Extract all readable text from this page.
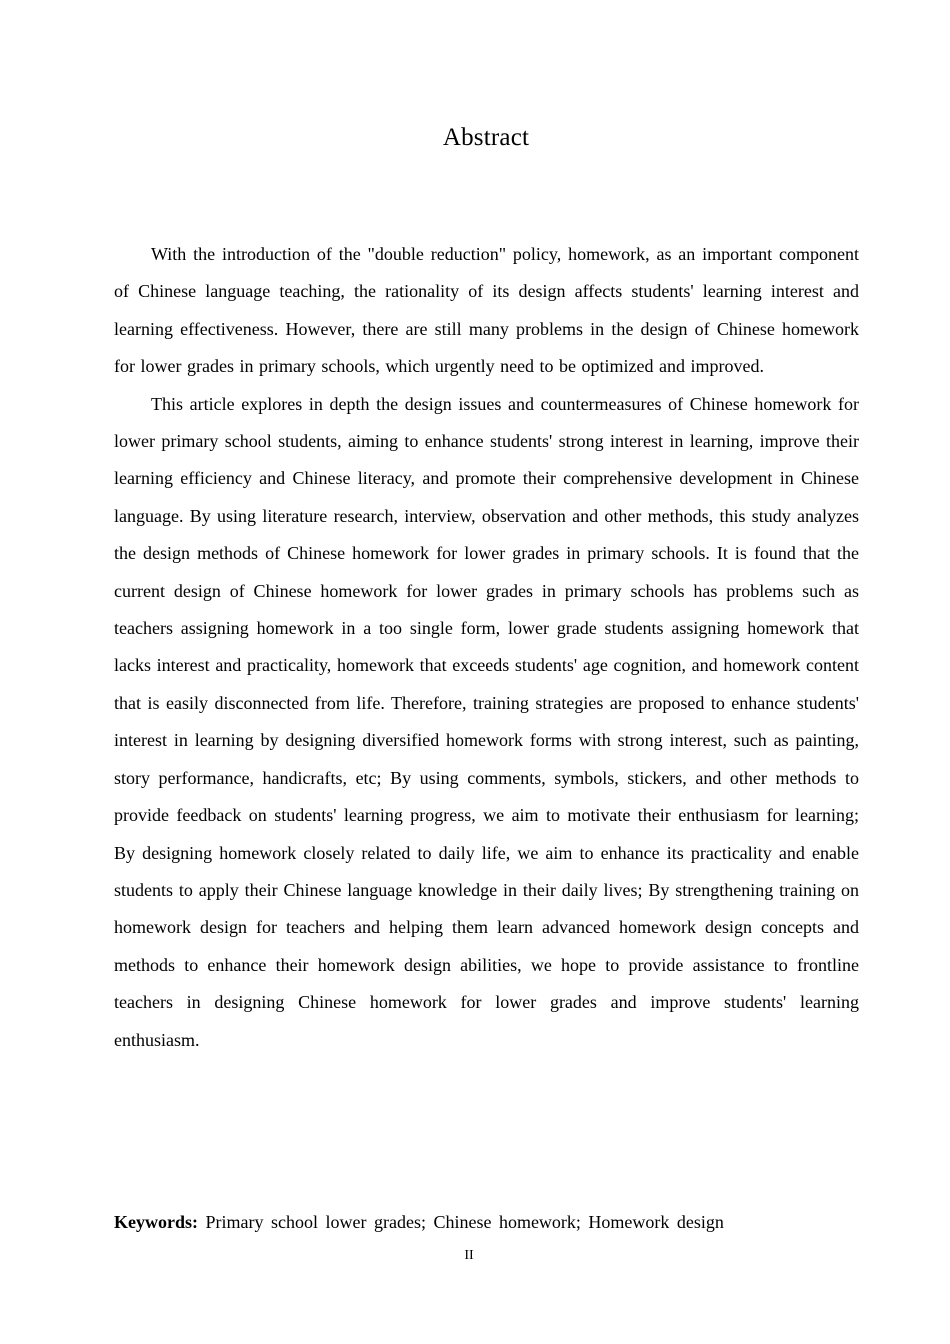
Abstract

With the introduction of the "double reduction" policy, homework, as an important component of Chinese language teaching, the rationality of its design affects students' learning interest and learning effectiveness. However, there are still many problems in the design of Chinese homework for lower grades in primary schools, which urgently need to be optimized and improved.

This article explores in depth the design issues and countermeasures of Chinese homework for lower primary school students, aiming to enhance students' strong interest in learning, improve their learning efficiency and Chinese literacy, and promote their comprehensive development in Chinese language. By using literature research, interview, observation and other methods, this study analyzes the design methods of Chinese homework for lower grades in primary schools. It is found that the current design of Chinese homework for lower grades in primary schools has problems such as teachers assigning homework in a too single form, lower grade students assigning homework that lacks interest and practicality, homework that exceeds students' age cognition, and homework content that is easily disconnected from life. Therefore, training strategies are proposed to enhance students' interest in learning by designing diversified homework forms with strong interest, such as painting, story performance, handicrafts, etc; By using comments, symbols, stickers, and other methods to provide feedback on students' learning progress, we aim to motivate their enthusiasm for learning; By designing homework closely related to daily life, we aim to enhance its practicality and enable students to apply their Chinese language knowledge in their daily lives; By strengthening training on homework design for teachers and helping them learn advanced homework design concepts and methods to enhance their homework design abilities, we hope to provide assistance to frontline teachers in designing Chinese homework for lower grades and improve students' learning enthusiasm.

Keywords: Primary school lower grades; Chinese homework; Homework design
II
